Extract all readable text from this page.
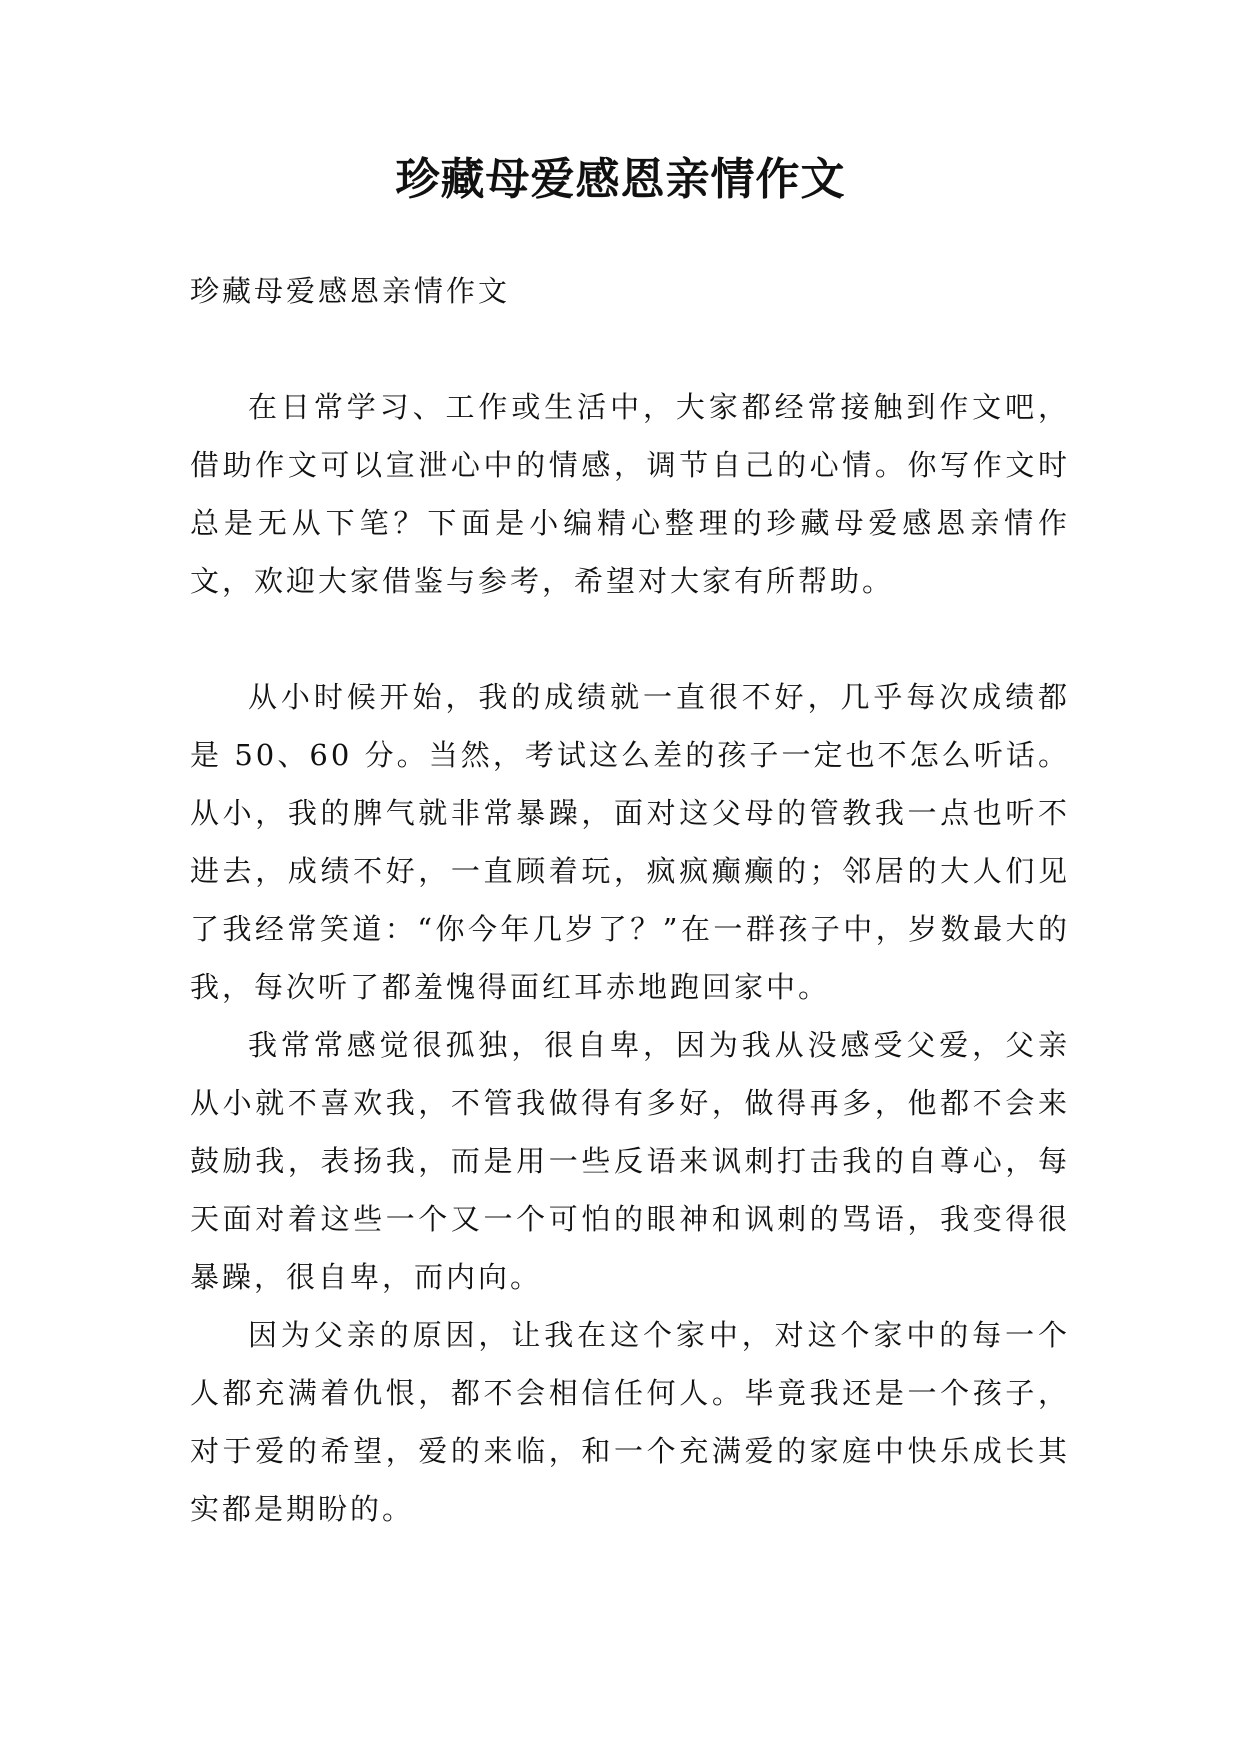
珍藏母爱感恩亲情作文

珍藏母爱感恩亲情作文

在日常学习、工作或生活中，大家都经常接触到作文吧，借助作文可以宣泄心中的情感，调节自己的心情。你写作文时总是无从下笔？下面是小编精心整理的珍藏母爱感恩亲情作文，欢迎大家借鉴与参考，希望对大家有所帮助。

从小时候开始，我的成绩就一直很不好，几乎每次成绩都是 50、60 分。当然，考试这么差的孩子一定也不怎么听话。从小，我的脾气就非常暴躁，面对这父母的管教我一点也听不进去，成绩不好，一直顾着玩，疯疯癫癫的；邻居的大人们见了我经常笑道：“你今年几岁了？”在一群孩子中，岁数最大的我，每次听了都羞愧得面红耳赤地跑回家中。

我常常感觉很孤独，很自卑，因为我从没感受父爱，父亲从小就不喜欢我，不管我做得有多好，做得再多，他都不会来鼓励我，表扬我，而是用一些反语来讽刺打击我的自尊心，每天面对着这些一个又一个可怕的眼神和讽刺的骂语，我变得很暴躁，很自卑，而内向。

因为父亲的原因，让我在这个家中，对这个家中的每一个人都充满着仇恨，都不会相信任何人。毕竟我还是一个孩子，对于爱的希望，爱的来临，和一个充满爱的家庭中快乐成长其实都是期盼的。
